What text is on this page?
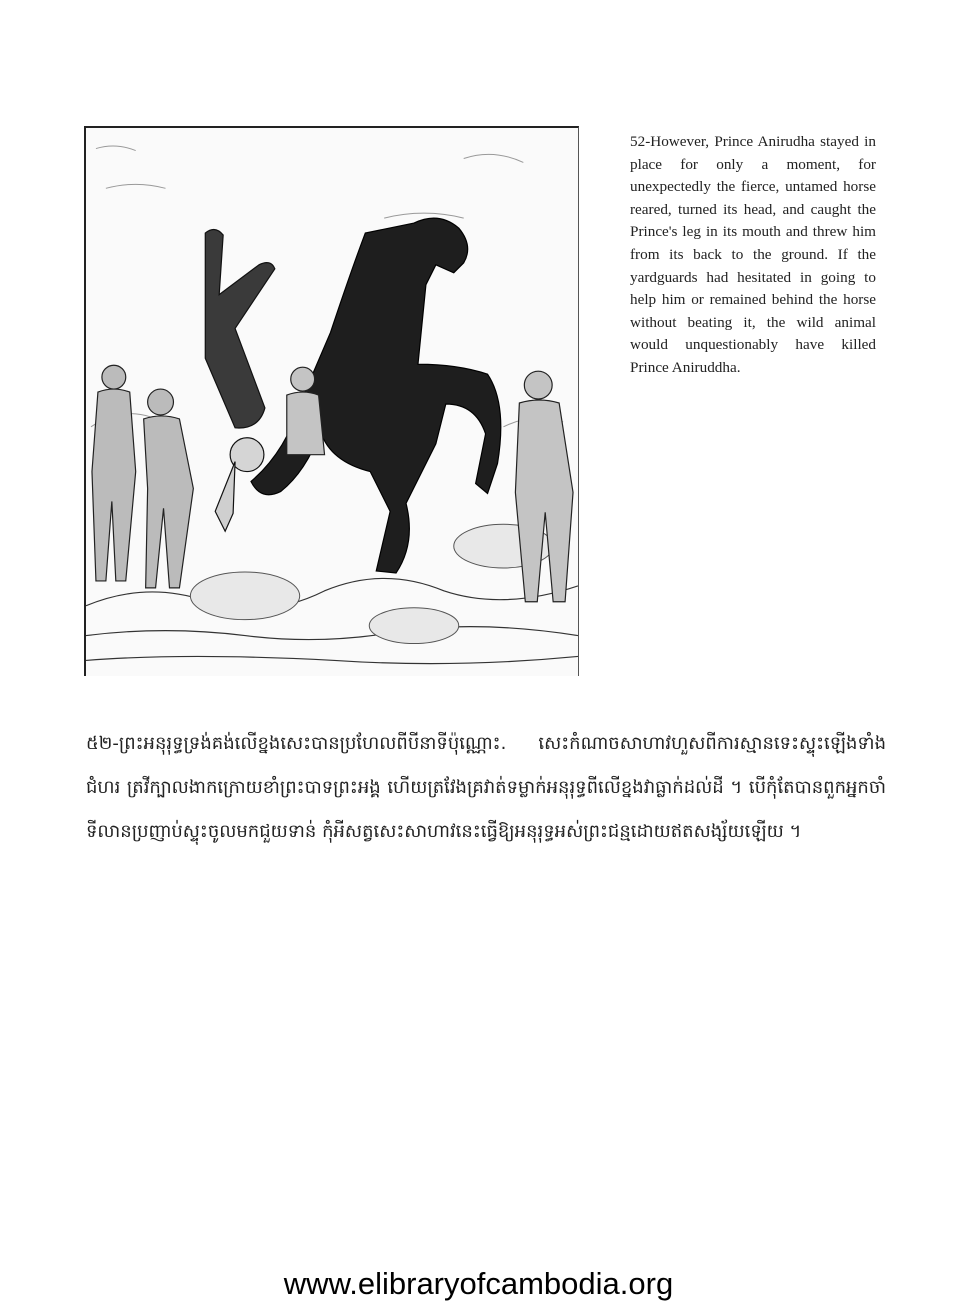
52-However, Prince Anirudha stayed in place for only a moment, for unexpectedly the fierce, untamed horse reared, turned its head, and caught the Prince's leg in its mouth and threw him from its back to the ground. If the yardguards had hesitated in going to help him or remained behind the horse without beating it, the wild animal would unquestionably have killed Prince Aniruddha.
៥២-ព្រះអនុរុទ្ធទ្រង់គង់លើខ្នងសេះបានប្រហែលពីបីនាទីប៉ុណ្ណោះ. សេះកំណាចសាហាវហួសពីការស្មានទេះស្ទុះឡើងទាំងជំហរ ត្រវីក្បាលងាកក្រោយខាំព្រះបាទព្រះអង្គ ហើយត្រវែងគ្រវាត់ទម្លាក់អនុរុទ្ធពីលើខ្នងវាធ្លាក់ដល់ដី ។ បើកុំតែបានពួកអ្នកចាំទីលានប្រញាប់ស្ទុះចូលមកជួយទាន់ កុំអីសត្វសេះសាហាវនេះធ្វើឱ្យអនុរុទ្ធអស់ព្រះជន្មដោយឥតសង្ស័យឡើយ ។
www.elibraryofcambodia.org
